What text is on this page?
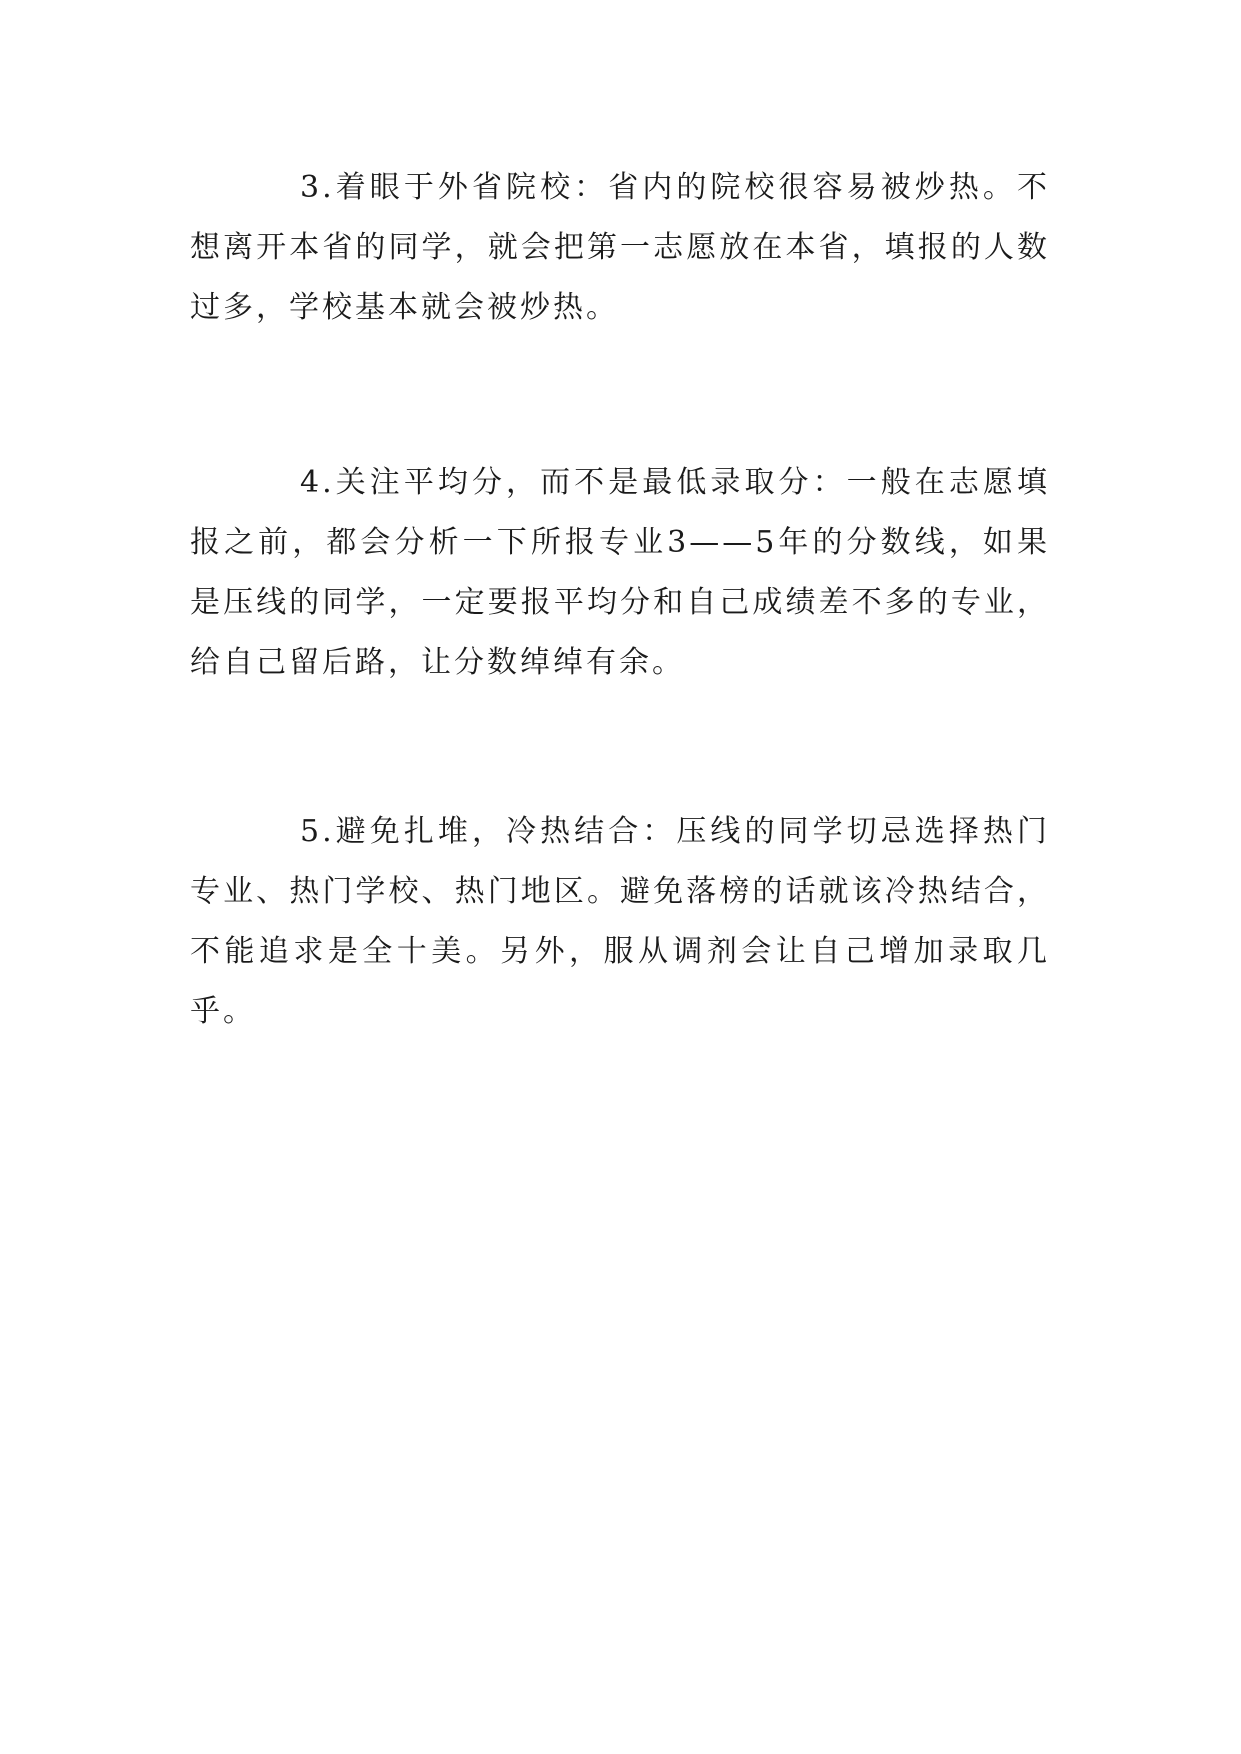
3.着眼于外省院校：省内的院校很容易被炒热。不想离开本省的同学，就会把第一志愿放在本省，填报的人数过多，学校基本就会被炒热。

4.关注平均分，而不是最低录取分：一般在志愿填报之前，都会分析一下所报专业3——5年的分数线，如果是压线的同学，一定要报平均分和自己成绩差不多的专业，给自己留后路，让分数绰绰有余。

5.避免扎堆，冷热结合：压线的同学切忌选择热门专业、热门学校、热门地区。避免落榜的话就该冷热结合，不能追求是全十美。另外，服从调剂会让自己增加录取几乎。
